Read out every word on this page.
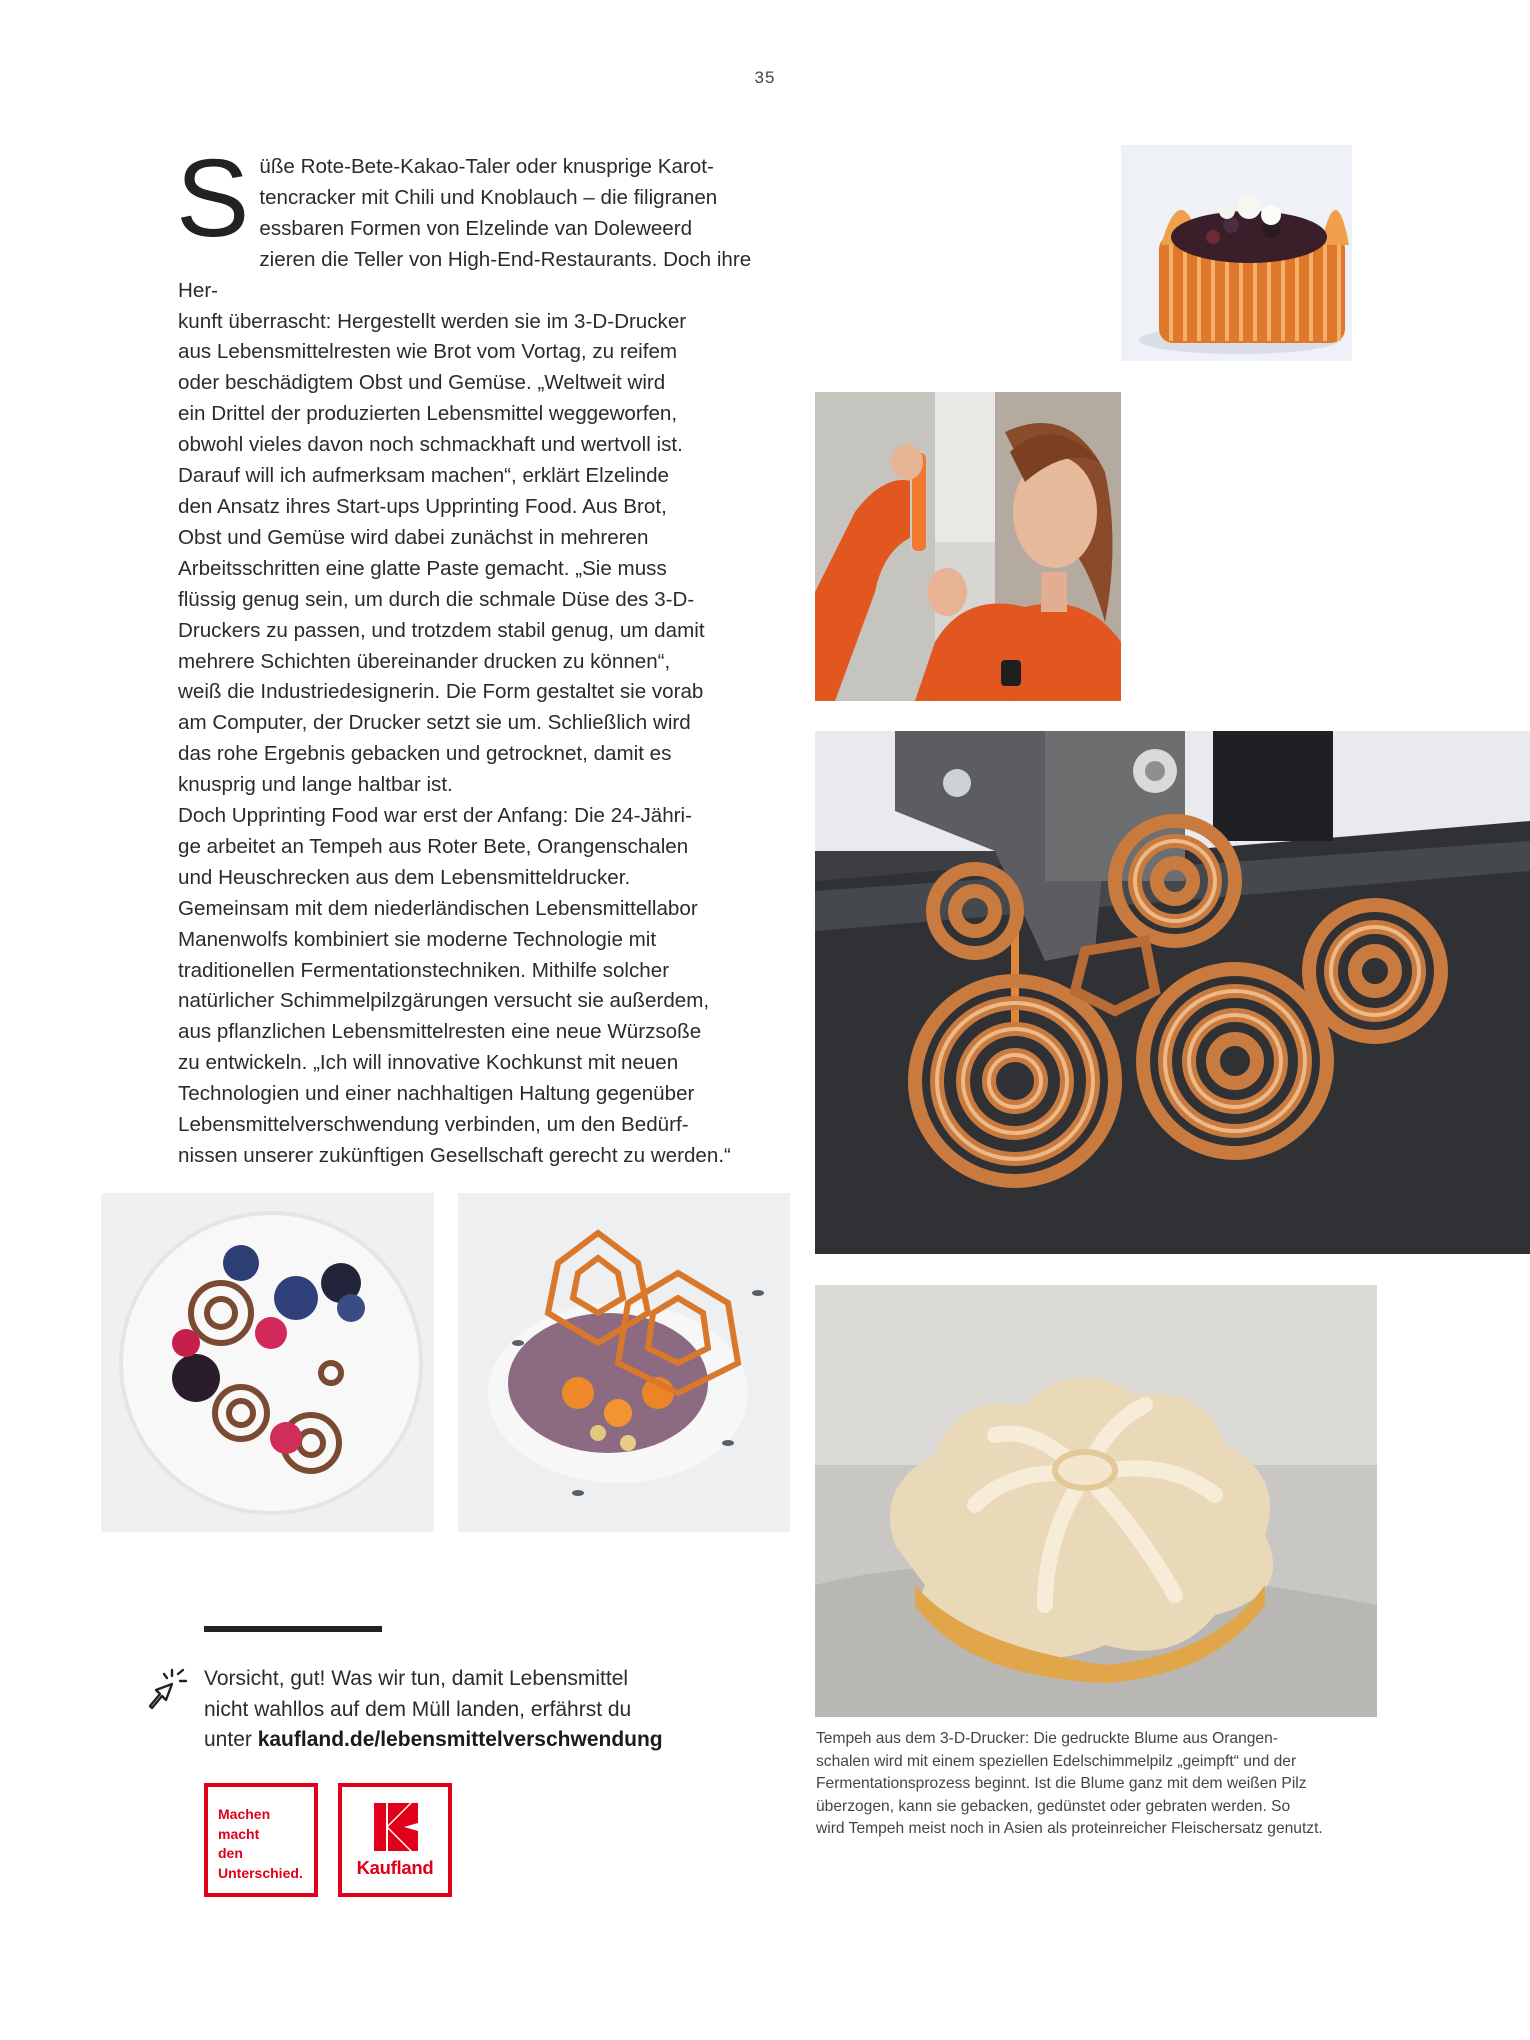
35
S üße Rote-Bete-Kakao-Taler oder knusprige Karot-
tencracker mit Chili und Knoblauch – die filigranen
essbaren Formen von Elzelinde van Doleweerd
zieren die Teller von High-End-Restaurants. Doch ihre Her-
kunft überrascht: Hergestellt werden sie im 3-D-Drucker
aus Lebensmittelresten wie Brot vom Vortag, zu reifem
oder beschädigtem Obst und Gemüse. „Weltweit wird
ein Drittel der produzierten Lebensmittel weggeworfen,
obwohl vieles davon noch schmackhaft und wertvoll ist.
Darauf will ich aufmerksam machen“, erklärt Elzelinde
den Ansatz ihres Start-ups Upprinting Food. Aus Brot,
Obst und Gemüse wird dabei zunächst in mehreren
Arbeitsschritten eine glatte Paste gemacht. „Sie muss
flüssig genug sein, um durch die schmale Düse des 3-D-
Druckers zu passen, und trotzdem stabil genug, um damit
mehrere Schichten übereinander drucken zu können“,
weiß die Industriedesignerin. Die Form gestaltet sie vorab
am Computer, der Drucker setzt sie um. Schließlich wird
das rohe Ergebnis gebacken und getrocknet, damit es
knusprig und lange haltbar ist.
Doch Upprinting Food war erst der Anfang: Die 24-Jähri-
ge arbeitet an Tempeh aus Roter Bete, Orangenschalen
und Heuschrecken aus dem Lebensmitteldrucker.
Gemeinsam mit dem niederländischen Lebensmittellabor
Manenwolfs kombiniert sie moderne Technologie mit
traditionellen Fermentationstechniken. Mithilfe solcher
natürlicher Schimmelpilzgärungen versucht sie außerdem,
aus pflanzlichen Lebensmittelresten eine neue Würzsoße
zu entwickeln. „Ich will innovative Kochkunst mit neuen
Technologien und einer nachhaltigen Haltung gegenüber
Lebensmittelverschwendung verbinden, um den Bedürf-
nissen unserer zukünftigen Gesellschaft gerecht zu werden.“
Tempeh aus dem 3-D-Drucker: Die gedruckte Blume aus Orangen-
schalen wird mit einem speziellen Edelschimmelpilz „geimpft“ und der
Fermentationsprozess beginnt. Ist die Blume ganz mit dem weißen Pilz
überzogen, kann sie gebacken, gedünstet oder gebraten werden. So
wird Tempeh meist noch in Asien als proteinreicher Fleischersatz genutzt.
Vorsicht, gut! Was wir tun, damit Lebensmittel
nicht wahllos auf dem Müll landen, erfährst du
unter kaufland.de/lebensmittelverschwendung
Machen
macht
den
Unterschied.	Kaufland
